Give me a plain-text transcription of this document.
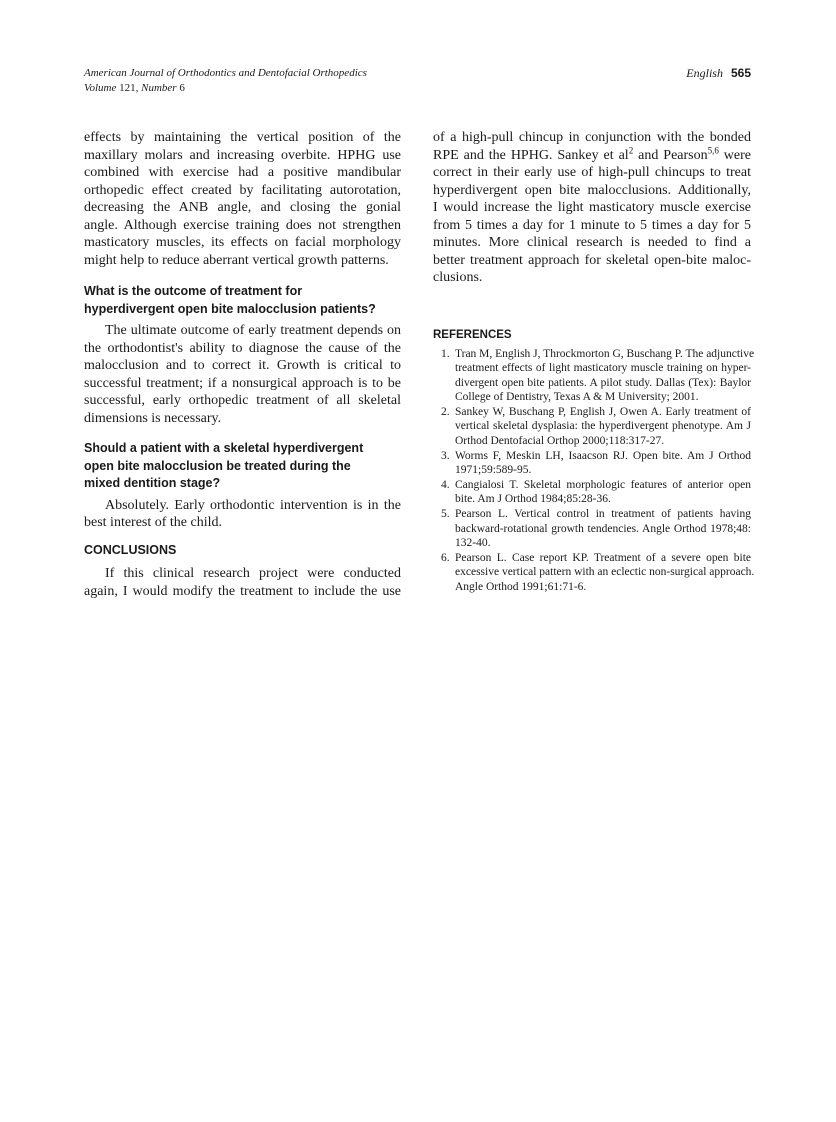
American Journal of Orthodontics and Dentofacial Orthopedics
Volume 121, Number 6
English 565
effects by maintaining the vertical position of the
maxillary molars and increasing overbite. HPHG use
combined with exercise had a positive mandibular
orthopedic effect created by facilitating autorotation,
decreasing the ANB angle, and closing the gonial
angle. Although exercise training does not strengthen
masticatory muscles, its effects on facial morphology
might help to reduce aberrant vertical growth patterns.
What is the outcome of treatment for
hyperdivergent open bite malocclusion patients?
The ultimate outcome of early treatment depends on
the orthodontist's ability to diagnose the cause of the
malocclusion and to correct it. Growth is critical to
successful treatment; if a nonsurgical approach is to be
successful, early orthopedic treatment of all skeletal
dimensions is necessary.
Should a patient with a skeletal hyperdivergent
open bite malocclusion be treated during the
mixed dentition stage?
Absolutely. Early orthodontic intervention is in the
best interest of the child.
CONCLUSIONS
If this clinical research project were conducted
again, I would modify the treatment to include the use
of a high-pull chincup in conjunction with the bonded
RPE and the HPHG. Sankey et $al^2$ and Pearson$^{5,6}$ were
correct in their early use of high-pull chincups to treat
hyperdivergent open bite malocclusions. Additionally,
I would increase the light masticatory muscle exercise
from 5 times a day for 1 minute to 5 times a day for 5
minutes. More clinical research is needed to find a
better treatment approach for skeletal open-bite maloc-
clusions.
REFERENCES
1. Tran M, English J, Throckmorton G, Buschang P. The adjunctive
treatment effects of light masticatory muscle training on hyper-
divergent open bite patients. A pilot study. Dallas (Tex): Baylor
College of Dentistry, Texas A & M University; 2001.
2. Sankey W, Buschang P, English J, Owen A. Early treatment of
vertical skeletal dysplasia: the hyperdivergent phenotype. Am J
Orthod Dentofacial Orthop 2000;118:317-27.
3. Worms F, Meskin LH, Isaacson RJ. Open bite. Am J Orthod
1971;59:589-95.
4. Cangialosi T. Skeletal morphologic features of anterior open
bite. Am J Orthod 1984;85:28-36.
5. Pearson L. Vertical control in treatment of patients having
backward-rotational growth tendencies. Angle Orthod 1978;48:
132-40.
6. Pearson L. Case report KP. Treatment of a severe open bite
excessive vertical pattern with an eclectic non-surgical approach.
Angle Orthod 1991;61:71-6.
